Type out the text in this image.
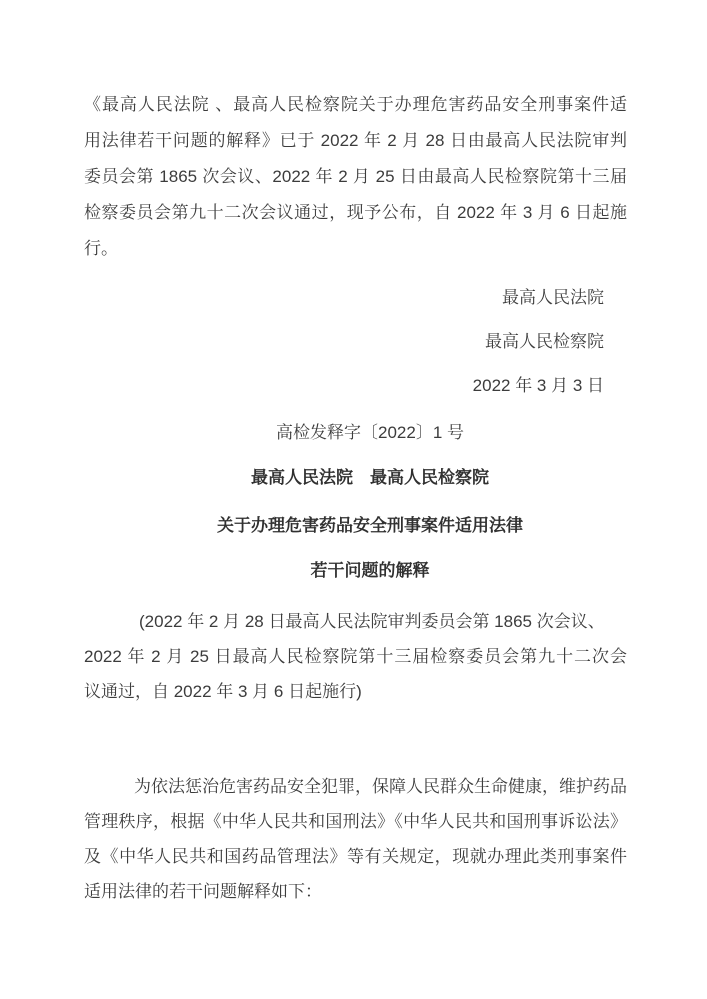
《最高人民法院 、最高人民检察院关于办理危害药品安全刑事案件适
用法律若干问题的解释》已于 2022 年 2 月 28 日由最高人民法院审判
委员会第 1865 次会议、2022 年 2 月 25 日由最高人民检察院第十三届
检察委员会第九十二次会议通过，现予公布，自 2022 年 3 月 6 日起施
行。
最高人民法院
最高人民检察院
2022 年 3 月 3 日
高检发释字〔2022〕1 号
最高人民法院　最高人民检察院
关于办理危害药品安全刑事案件适用法律
若干问题的解释
(2022 年 2 月 28 日最高人民法院审判委员会第 1865 次会议、
2022 年 2 月 25 日最高人民检察院第十三届检察委员会第九十二次会
议通过，自 2022 年 3 月 6 日起施行)
为依法惩治危害药品安全犯罪，保障人民群众生命健康，维护药品
管理秩序，根据《中华人民共和国刑法》《中华人民共和国刑事诉讼法》
及《中华人民共和国药品管理法》等有关规定，现就办理此类刑事案件
适用法律的若干问题解释如下：
